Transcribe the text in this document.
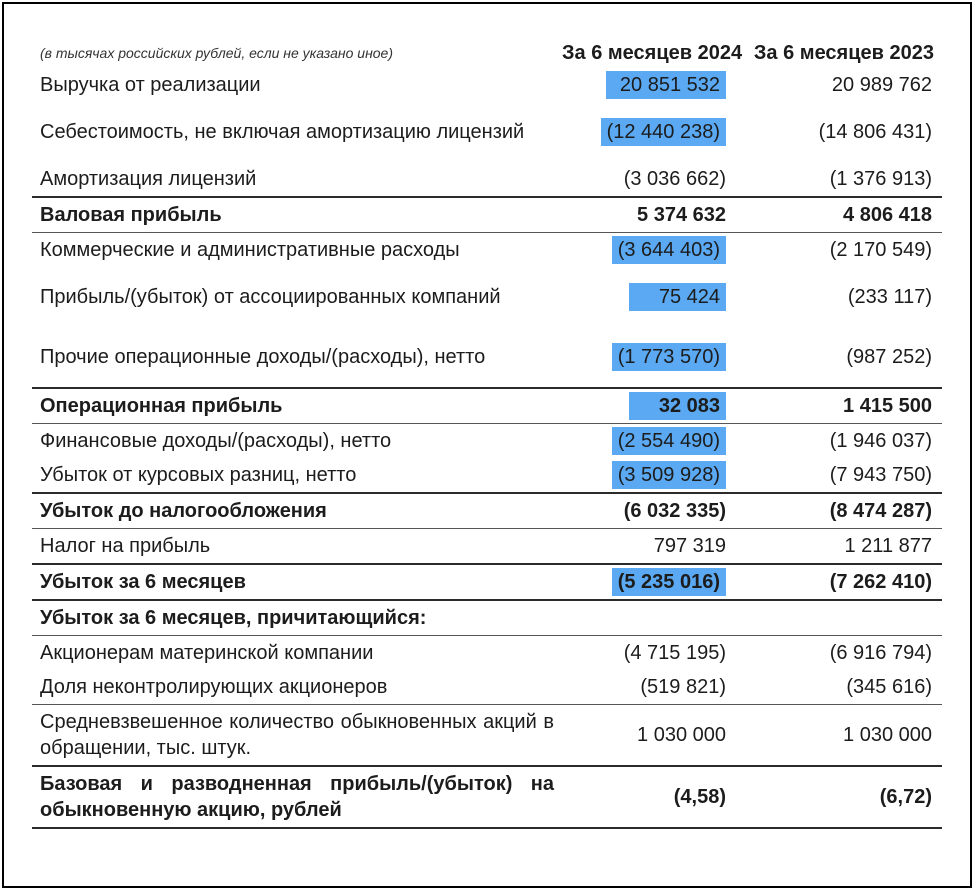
(в тысячах российских рублей, если не указано иное)	За 6 месяцев 2024	За 6 месяцев 2023
Выручка от реализации	20 851 532	20 989 762
Себестоимость, не включая амортизацию лицензий	(12 440 238)	(14 806 431)
Амортизация лицензий	(3 036 662)	(1 376 913)
Валовая прибыль	5 374 632	4 806 418
Коммерческие и административные расходы	(3 644 403)	(2 170 549)
Прибыль/(убыток) от ассоциированных компаний	75 424	(233 117)
Прочие операционные доходы/(расходы), нетто	(1 773 570)	(987 252)
Операционная прибыль	32 083	1 415 500
Финансовые доходы/(расходы), нетто	(2 554 490)	(1 946 037)
Убыток от курсовых разниц, нетто	(3 509 928)	(7 943 750)
Убыток до налогообложения	(6 032 335)	(8 474 287)
Налог на прибыль	797 319	1 211 877
Убыток за 6 месяцев	(5 235 016)	(7 262 410)
Убыток за 6 месяцев, причитающийся:		
Акционерам материнской компании	(4 715 195)	(6 916 794)
Доля неконтролирующих акционеров	(519 821)	(345 616)
Средневзвешенное количество обыкновенных акций в обращении, тыс. штук.	1 030 000	1 030 000
Базовая и разводненная прибыль/(убыток) на обыкновенную акцию, рублей	(4,58)	(6,72)
